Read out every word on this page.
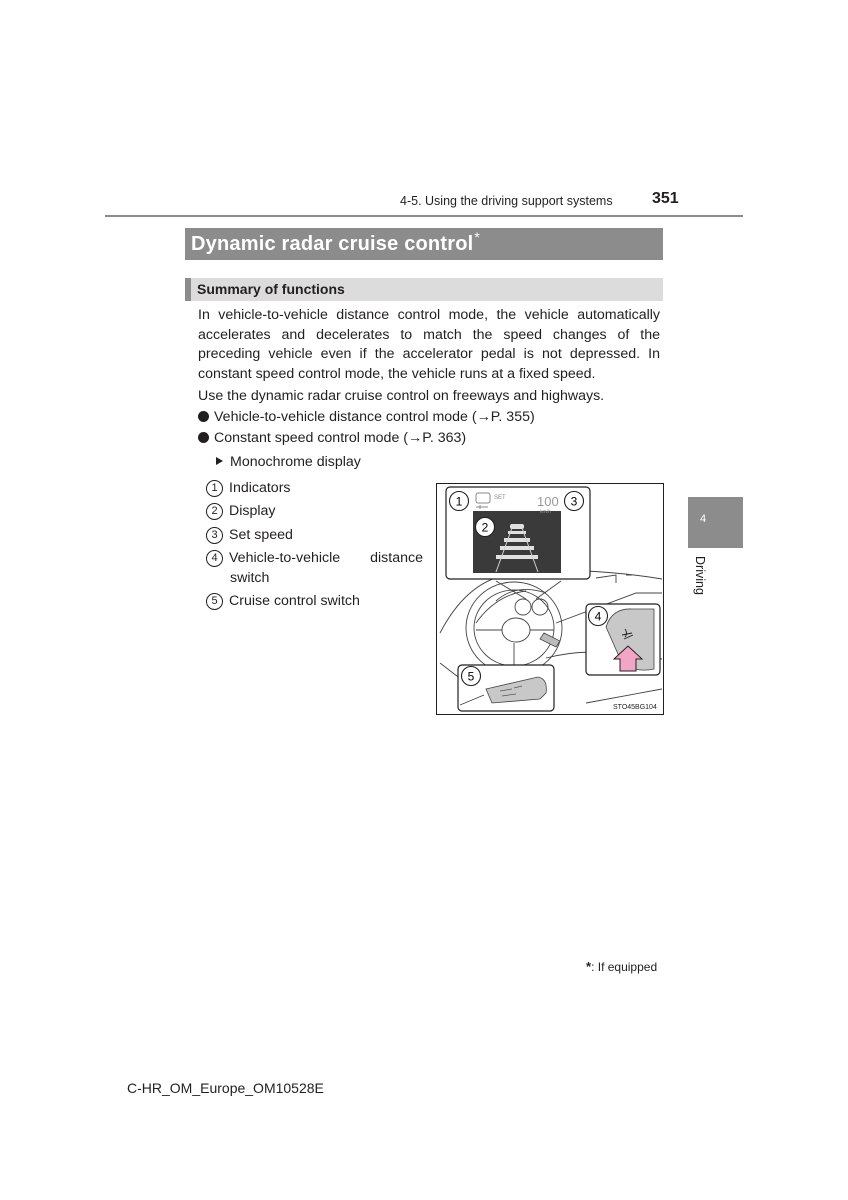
4-5. Using the driving support systems 351
Dynamic radar cruise control*
Summary of functions
In vehicle-to-vehicle distance control mode, the vehicle automatically accelerates and decelerates to match the speed changes of the preceding vehicle even if the accelerator pedal is not depressed. In constant speed control mode, the vehicle runs at a fixed speed.
Use the dynamic radar cruise control on freeways and highways.
Vehicle-to-vehicle distance control mode (→P. 355)
Constant speed control mode (→P. 363)
Monochrome display
1 Indicators
2 Display
3 Set speed
4 Vehicle-to-vehicle distance
switch
5 Cruise control switch
SET 100
km/h
1	3
2
4
5
STO45BG104
4
Driving
*: If equipped
C-HR_OM_Europe_OM10528E
